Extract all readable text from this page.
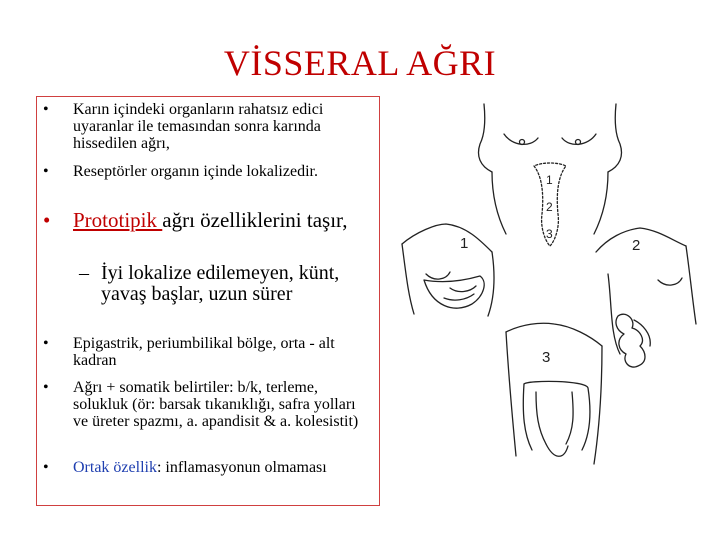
VİSSERAL AĞRI
• Karın içindeki organların rahatsız edici uyaranlar ile temasından sonra karında hissedilen ağrı,
• Reseptörler organın içinde lokalizedir.
• Prototipik ağrı özelliklerini taşır,
– İyi lokalize edilemeyen, künt, yavaş başlar, uzun sürer
• Epigastrik, periumbilikal bölge, orta - alt kadran
• Ağrı + somatik belirtiler: b/k, terleme, solukluk (ör: barsak tıkanıklığı, safra yolları ve üreter spazmı, a. apandisit & a. kolesistit)
• Ortak özellik: inflamasyonun olmaması
1
2
3
1	2
3
